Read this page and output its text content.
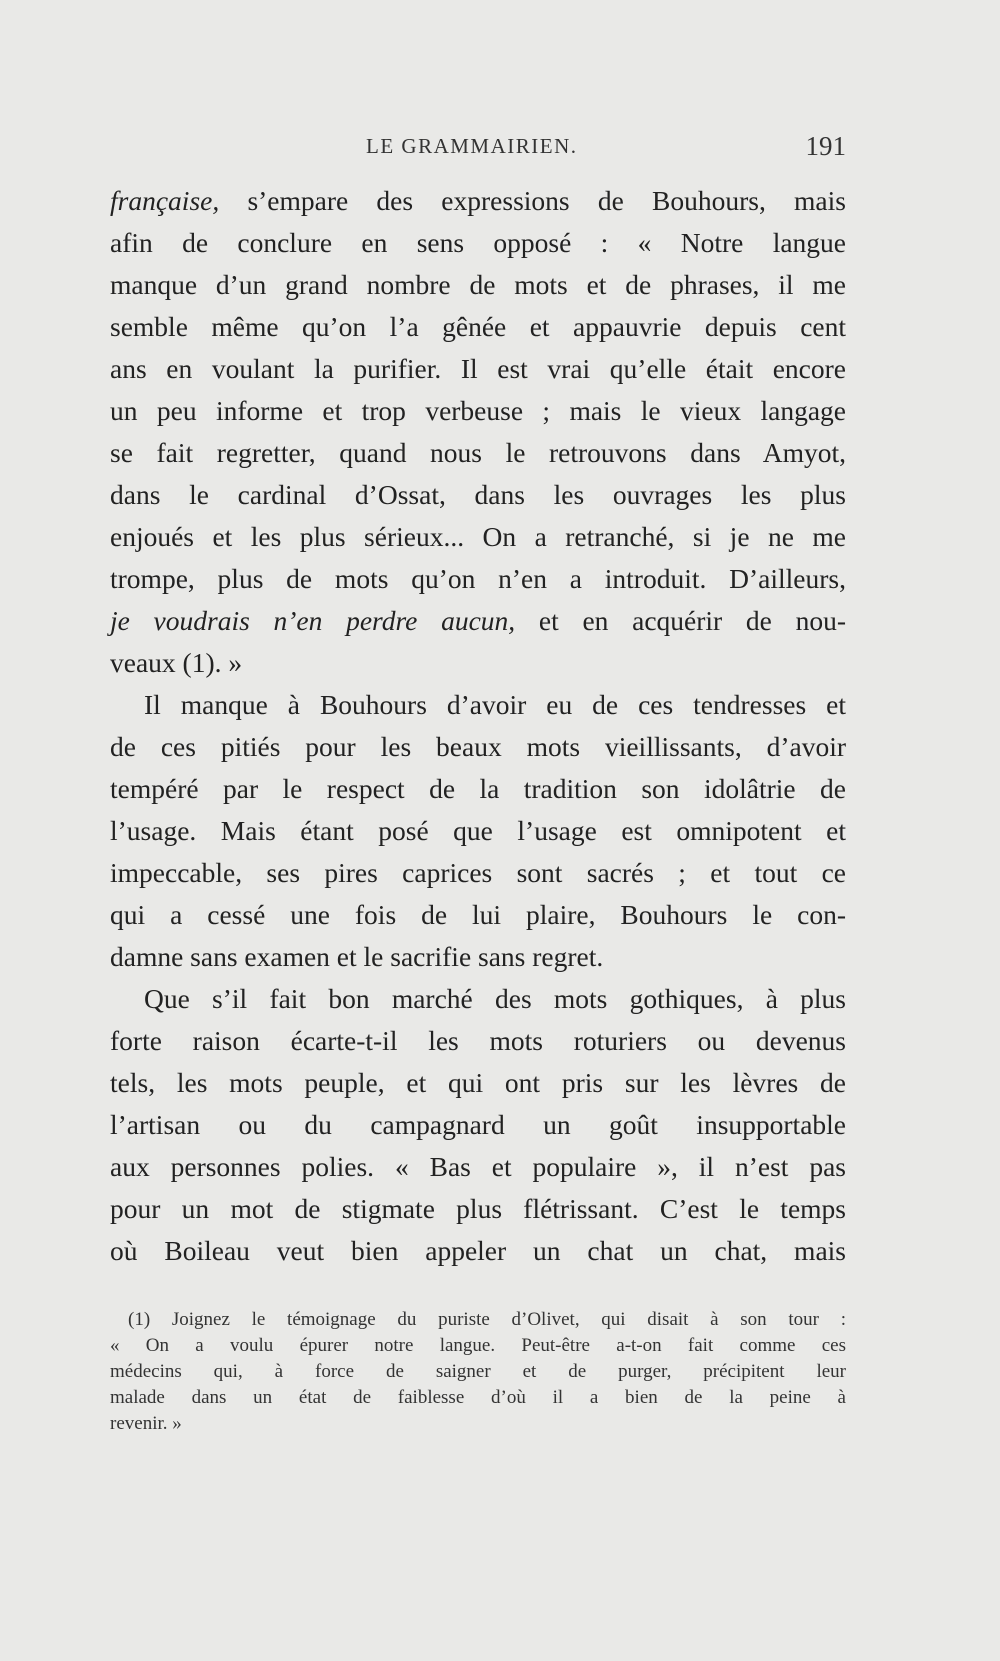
LE GRAMMAIRIEN.	191
française, s’empare des expressions de Bouhours, mais
afin de conclure en sens opposé : « Notre langue
manque d’un grand nombre de mots et de phrases, il me
semble même qu’on l’a gênée et appauvrie depuis cent
ans en voulant la purifier. Il est vrai qu’elle était encore
un peu informe et trop verbeuse ; mais le vieux langage
se fait regretter, quand nous le retrouvons dans Amyot,
dans le cardinal d’Ossat, dans les ouvrages les plus
enjoués et les plus sérieux... On a retranché, si je ne me
trompe, plus de mots qu’on n’en a introduit. D’ailleurs,
je voudrais n’en perdre aucun, et en acquérir de nou-
veaux (1). »
Il manque à Bouhours d’avoir eu de ces tendresses et
de ces pitiés pour les beaux mots vieillissants, d’avoir
tempéré par le respect de la tradition son idolâtrie de
l’usage. Mais étant posé que l’usage est omnipotent et
impeccable, ses pires caprices sont sacrés ; et tout ce
qui a cessé une fois de lui plaire, Bouhours le con-
damne sans examen et le sacrifie sans regret.
Que s’il fait bon marché des mots gothiques, à plus
forte raison écarte-t-il les mots roturiers ou devenus
tels, les mots peuple, et qui ont pris sur les lèvres de
l’artisan ou du campagnard un goût insupportable
aux personnes polies. « Bas et populaire », il n’est pas
pour un mot de stigmate plus flétrissant. C’est le temps
où Boileau veut bien appeler un chat un chat, mais
(1) Joignez le témoignage du puriste d’Olivet, qui disait à son tour :
« On a voulu épurer notre langue. Peut-être a-t-on fait comme ces
médecins qui, à force de saigner et de purger, précipitent leur
malade dans un état de faiblesse d’où il a bien de la peine à
revenir. »
